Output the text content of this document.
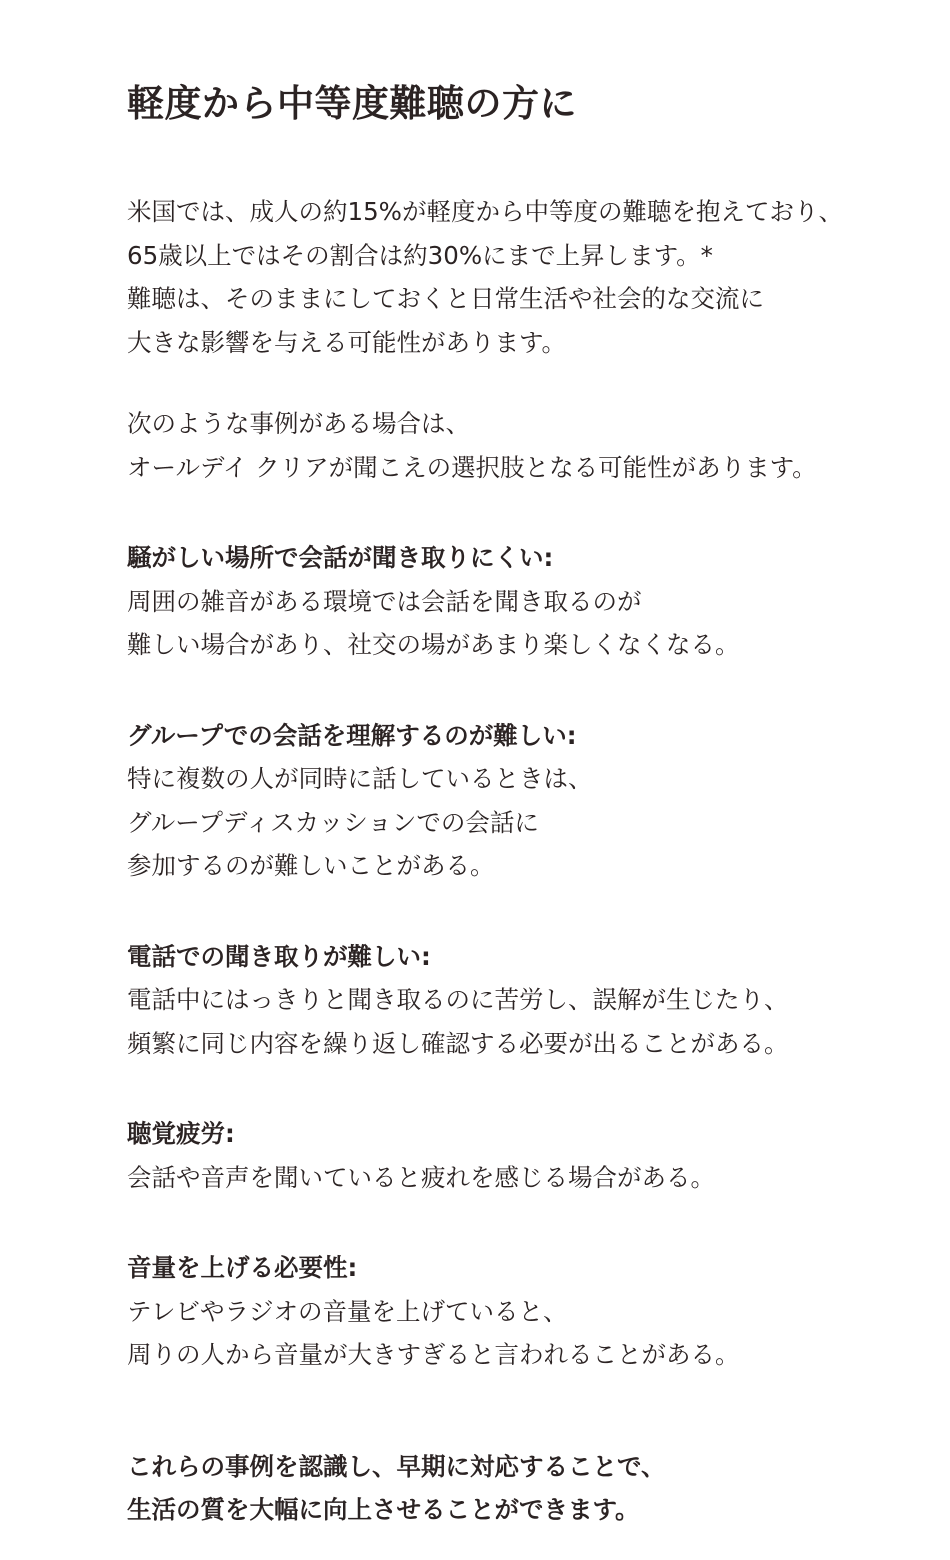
軽度から中等度難聴の方に

米国では、成人の約15%が軽度から中等度の難聴を抱えており、

65歳以上ではその割合は約30%にまで上昇します。*

難聴は、そのままにしておくと日常生活や社会的な交流に

大きな影響を与える可能性があります。

次のような事例がある場合は、

オールデイ クリアが聞こえの選択肢となる可能性があります。

騒がしい場所で会話が聞き取りにくい:

周囲の雑音がある環境では会話を聞き取るのが

難しい場合があり、社交の場があまり楽しくなくなる。

グループでの会話を理解するのが難しい:

特に複数の人が同時に話しているときは、

グループディスカッションでの会話に

参加するのが難しいことがある。

電話での聞き取りが難しい:

電話中にはっきりと聞き取るのに苦労し、誤解が生じたり、

頻繁に同じ内容を繰り返し確認する必要が出ることがある。

聴覚疲労:

会話や音声を聞いていると疲れを感じる場合がある。

音量を上げる必要性:

テレビやラジオの音量を上げていると、

周りの人から音量が大きすぎると言われることがある。

これらの事例を認識し、早期に対応することで、

生活の質を大幅に向上させることができます。
